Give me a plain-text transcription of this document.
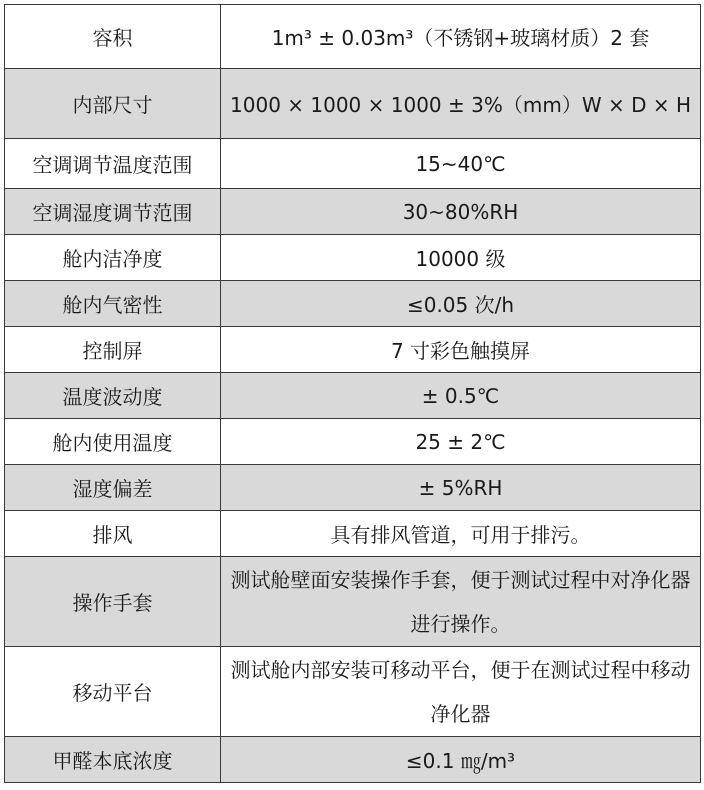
容积	1m³ ± 0.03m³（不锈钢+玻璃材质）2 套
内部尺寸	1000 × 1000 × 1000 ± 3%（mm）W × D × H
空调调节温度范围	15~40℃
空调湿度调节范围	30~80%RH
舱内洁净度	10000 级
舱内气密性	≤0.05 次/h
控制屏	7 寸彩色触摸屏
温度波动度	± 0.5℃
舱内使用温度	25 ± 2℃
湿度偏差	± 5%RH
排风	具有排风管道，可用于排污。
操作手套	测试舱壁面安装操作手套，便于测试过程中对净化器进行操作。
移动平台	测试舱内部安装可移动平台，便于在测试过程中移动净化器
甲醛本底浓度	≤0.1 ㎎/m³
